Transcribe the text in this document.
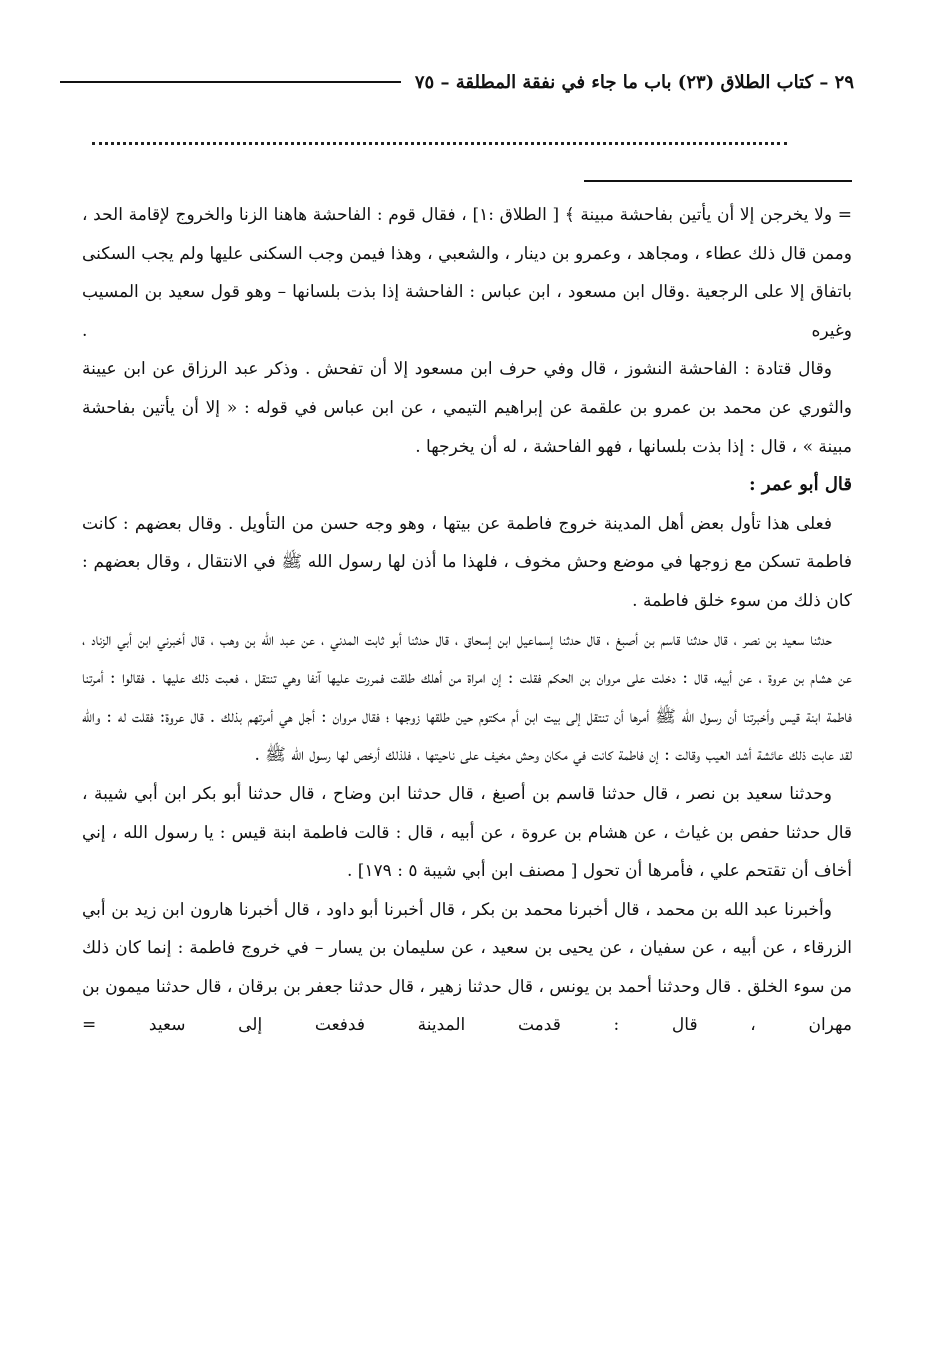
٢٩ – كتاب الطلاق (٢٣) باب ما جاء في نفقة المطلقة – ٧٥

= ولا يخرجن إلا أن يأتين بفاحشة مبينة ﴾ [ الطلاق :١] ، فقال قوم : الفاحشة هاهنا الزنا والخروج لإقامة الحد ، وممن قال ذلك عطاء ، ومجاهد ، وعمرو بن دينار ، والشعبي ، وهذا فيمن وجب السكنى عليها ولم يجب السكنى باتفاق إلا على الرجعية .وقال ابن مسعود ، ابن عباس : الفاحشة إذا بذت بلسانها – وهو قول سعيد بن المسيب وغيره .

وقال قتادة : الفاحشة النشوز ، قال وفي حرف ابن مسعود إلا أن تفحش . وذكر عبد الرزاق عن ابن عيينة والثوري عن محمد بن عمرو بن علقمة عن إبراهيم التيمي ، عن ابن عباس في قوله : « إلا أن يأتين بفاحشة مبينة » ، قال : إذا بذت بلسانها ، فهو الفاحشة ، له أن يخرجها .

قال أبو عمر :

فعلى هذا تأول بعض أهل المدينة خروج فاطمة عن بيتها ، وهو وجه حسن من التأويل . وقال بعضهم : كانت فاطمة تسكن مع زوجها في موضع وحش مخوف ، فلهذا ما أذن لها رسول الله ﷺ في الانتقال ، وقال بعضهم : كان ذلك من سوء خلق فاطمة .

حدثنا سعيد بن نصر ، قال حدثنا قاسم بن أصبغ ، قال حدثنا إسماعيل ابن إسحاق ، قال حدثنا أبو ثابت المدني ، عن عبد الله بن وهب ، قال أخبرني ابن أبي الزناد ، عن هشام بن عروة ، عن أبيه، قال : دخلت على مروان بن الحكم فقلت : إن امراة من أهلك طلقت فمررت عليها آنفا وهي تنتقل ، فعبت ذلك عليها . فقالوا : أمرتنا فاطمة ابنة قيس وأخبرتنا أن رسول الله ﷺ أمرها أن تنتقل إلى بيت ابن أم مكتوم حين طلقها زوجها ؛ فقال مروان : أجل هي أمرتهم بذلك . قال عروة: فقلت له : والله لقد عابت ذلك عائشة أشد العيب وقالت : إن فاطمة كانت في مكان وحش مخيف على ناحيتها ، فلذلك أرخص لها رسول الله ﷺ .

وحدثنا سعيد بن نصر ، قال حدثنا قاسم بن أصبغ ، قال حدثنا ابن وضاح ، قال حدثنا أبو بكر ابن أبي شيبة ، قال حدثنا حفص بن غياث ، عن هشام بن عروة ، عن أبيه ، قال : قالت فاطمة ابنة قيس : يا رسول الله ، إني أخاف أن تقتحم علي ، فأمرها أن تحول [ مصنف ابن أبي شيبة ٥ : ١٧٩] .

وأخبرنا عبد الله بن محمد ، قال أخبرنا محمد بن بكر ، قال أخبرنا أبو داود ، قال أخبرنا هارون ابن زيد بن أبي الزرقاء ، عن أبيه ، عن سفيان ، عن يحيى بن سعيد ، عن سليمان بن يسار – في خروج فاطمة : إنما كان ذلك من سوء الخلق . قال وحدثنا أحمد بن يونس ، قال حدثنا زهير ، قال حدثنا جعفر بن برقان ، قال حدثنا ميمون بن مهران ، قال : قدمت المدينة فدفعت إلى سعيد =
